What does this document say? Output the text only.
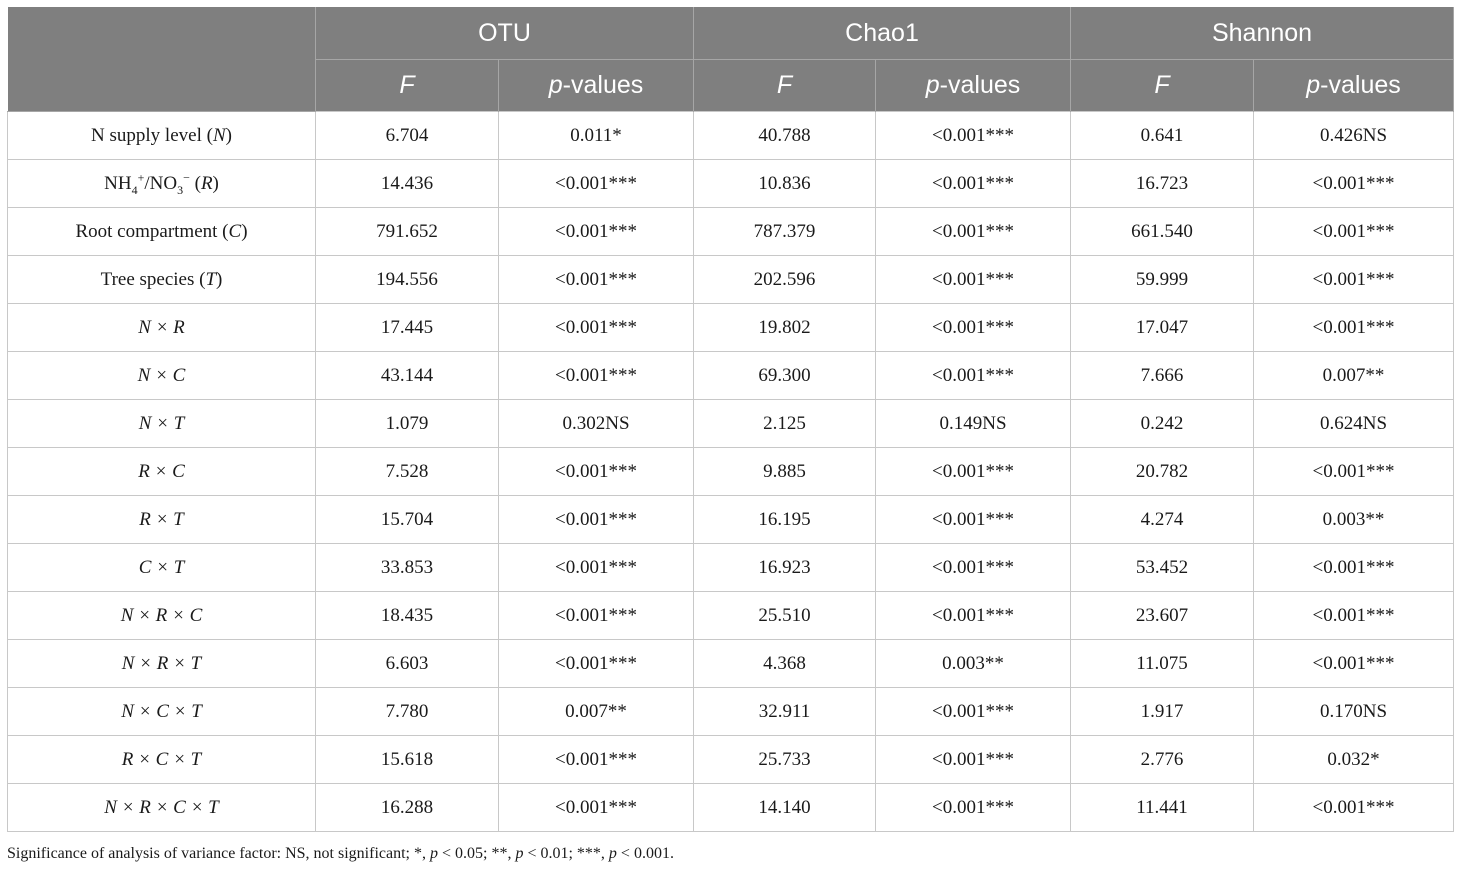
	OTU		Chao1		Shannon	
	F	p-values	F	p-values	F	p-values
N supply level (N)	6.704	0.011*	40.788	<0.001***	0.641	0.426NS
$NH_4^+/NO_3^-$ (R)	14.436	<0.001***	10.836	<0.001***	16.723	<0.001***
Root compartment (C)	791.652	<0.001***	787.379	<0.001***	661.540	<0.001***
Tree species (T)	194.556	<0.001***	202.596	<0.001***	59.999	<0.001***
N × R	17.445	<0.001***	19.802	<0.001***	17.047	<0.001***
N × C	43.144	<0.001***	69.300	<0.001***	7.666	0.007**
N × T	1.079	0.302NS	2.125	0.149NS	0.242	0.624NS
R × C	7.528	<0.001***	9.885	<0.001***	20.782	<0.001***
R × T	15.704	<0.001***	16.195	<0.001***	4.274	0.003**
C × T	33.853	<0.001***	16.923	<0.001***	53.452	<0.001***
N × R × C	18.435	<0.001***	25.510	<0.001***	23.607	<0.001***
N × R × T	6.603	<0.001***	4.368	0.003**	11.075	<0.001***
N × C × T	7.780	0.007**	32.911	<0.001***	1.917	0.170NS
R × C × T	15.618	<0.001***	25.733	<0.001***	2.776	0.032*
N × R × C × T	16.288	<0.001***	14.140	<0.001***	11.441	<0.001***
Significance of analysis of variance factor: NS, not significant; *, p < 0.05; **, p < 0.01; ***, p < 0.001.
